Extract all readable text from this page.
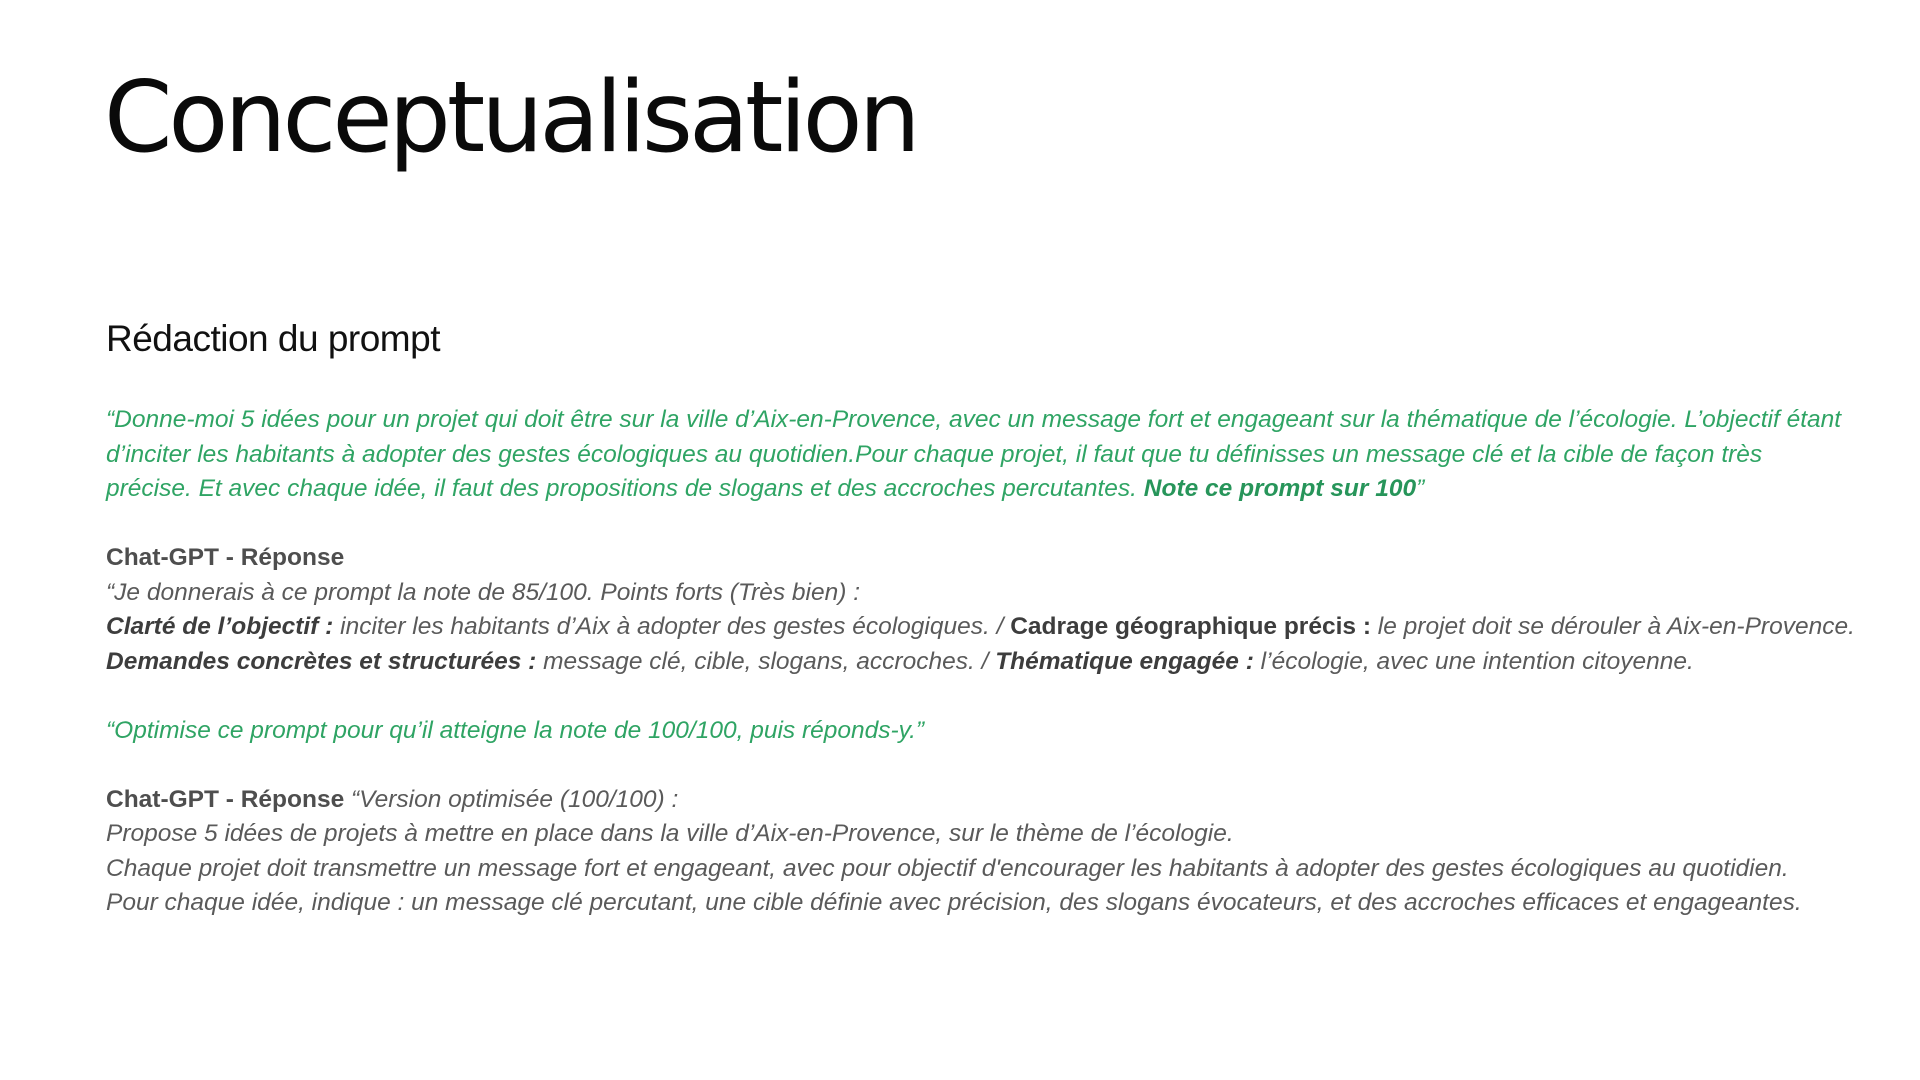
Conceptualisation
Rédaction du prompt

“Donne-moi 5 idées pour un projet qui doit être sur la ville d’Aix-en-Provence, avec un message fort et engageant sur la thématique de l’écologie. L’objectif étant

d’inciter les habitants à adopter des gestes écologiques au quotidien.Pour chaque projet, il faut que tu définisses un message clé et la cible de façon très

précise. Et avec chaque idée, il faut des propositions de slogans et des accroches percutantes. Note ce prompt sur 100”

Chat-GPT - Réponse

“Je donnerais à ce prompt la note de 85/100. Points forts (Très bien) :

Clarté de l’objectif : inciter les habitants d’Aix à adopter des gestes écologiques. / Cadrage géographique précis : le projet doit se dérouler à Aix-en-Provence.

Demandes concrètes et structurées : message clé, cible, slogans, accroches. / Thématique engagée : l’écologie, avec une intention citoyenne.

“Optimise ce prompt pour qu’il atteigne la note de 100/100, puis réponds-y.”

Chat-GPT - Réponse “Version optimisée (100/100) :

Propose 5 idées de projets à mettre en place dans la ville d’Aix-en-Provence, sur le thème de l’écologie.

Chaque projet doit transmettre un message fort et engageant, avec pour objectif d'encourager les habitants à adopter des gestes écologiques au quotidien.

Pour chaque idée, indique : un message clé percutant, une cible définie avec précision, des slogans évocateurs, et des accroches efficaces et engageantes.
